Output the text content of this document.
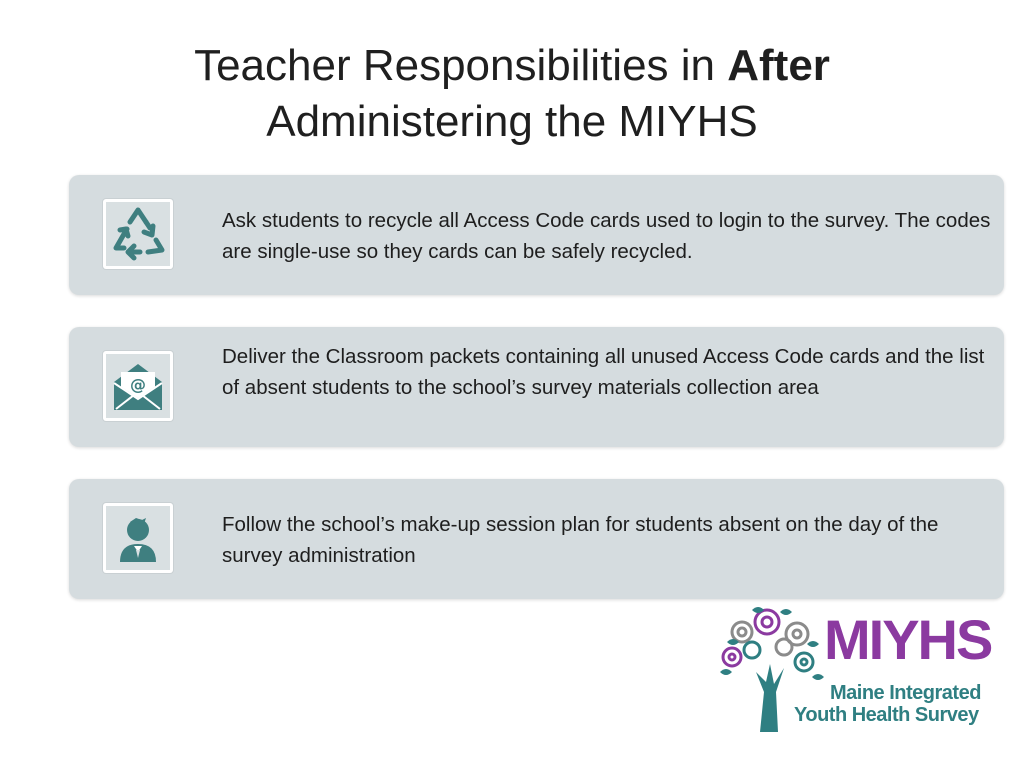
Teacher Responsibilities in After
Administering the MIYHS
Ask students to recycle all Access Code cards used to login to the survey. The codes are single-use so they cards can be safely recycled.
@
Deliver the Classroom packets containing all unused Access Code cards and the list of absent students to the school’s survey materials collection area
Follow the school’s make-up session plan for students absent on the day of the survey administration
MIYHS
Maine Integrated
Youth Health Survey
